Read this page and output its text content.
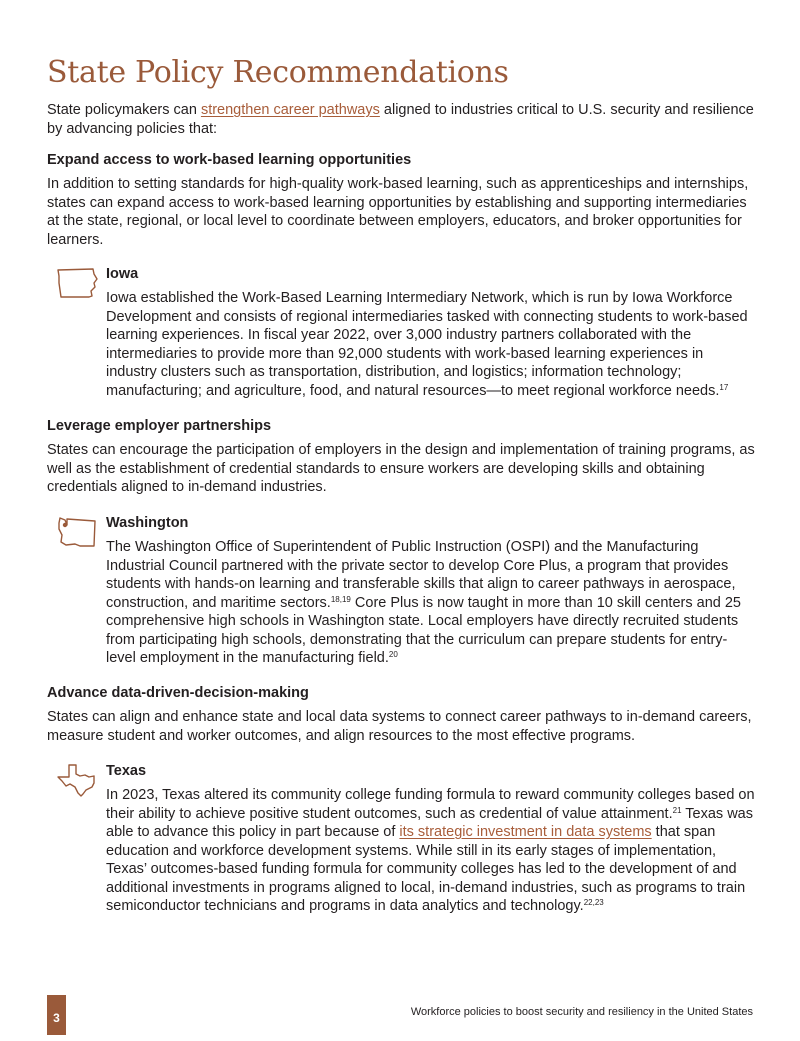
State Policy Recommendations

State policymakers can strengthen career pathways aligned to industries critical to U.S. security and resilience by advancing policies that:

Expand access to work-based learning opportunities

In addition to setting standards for high-quality work-based learning, such as apprenticeships and internships, states can expand access to work-based learning opportunities by establishing and supporting intermediaries at the state, regional, or local level to coordinate between employers, educators, and broker opportunities for learners.

Iowa

Iowa established the Work-Based Learning Intermediary Network, which is run by Iowa Workforce Development and consists of regional intermediaries tasked with connecting students to work-based learning experiences. In fiscal year 2022, over 3,000 industry partners collaborated with the intermediaries to provide more than 92,000 students with work-based learning experiences in industry clusters such as transportation, distribution, and logistics; information technology; manufacturing; and agriculture, food, and natural resources—to meet regional workforce needs.$^{17}$

Leverage employer partnerships

States can encourage the participation of employers in the design and implementation of training programs, as well as the establishment of credential standards to ensure workers are developing skills and obtaining credentials aligned to in-demand industries.

Washington

The Washington Office of Superintendent of Public Instruction (OSPI) and the Manufacturing Industrial Council partnered with the private sector to develop Core Plus, a program that provides students with hands-on learning and transferable skills that align to career pathways in aerospace, construction, and maritime sectors.$^{18,19}$ Core Plus is now taught in more than 10 skill centers and 25 comprehensive high schools in Washington state. Local employers have directly recruited students from participating high schools, demonstrating that the curriculum can prepare students for entry-level employment in the manufacturing field.$^{20}$

Advance data-driven-decision-making

States can align and enhance state and local data systems to connect career pathways to in-demand careers, measure student and worker outcomes, and align resources to the most effective programs.

Texas

In 2023, Texas altered its community college funding formula to reward community colleges based on their ability to achieve positive student outcomes, such as credential of value attainment.$^{21}$ Texas was able to advance this policy in part because of its strategic investment in data systems that span education and workforce development systems. While still in its early stages of implementation, Texas’ outcomes-based funding formula for community colleges has led to the development of and additional investments in programs aligned to local, in-demand industries, such as programs to train semiconductor technicians and programs in data analytics and technology.$^{22,23}$

3	Workforce policies to boost security and resiliency in the United States
